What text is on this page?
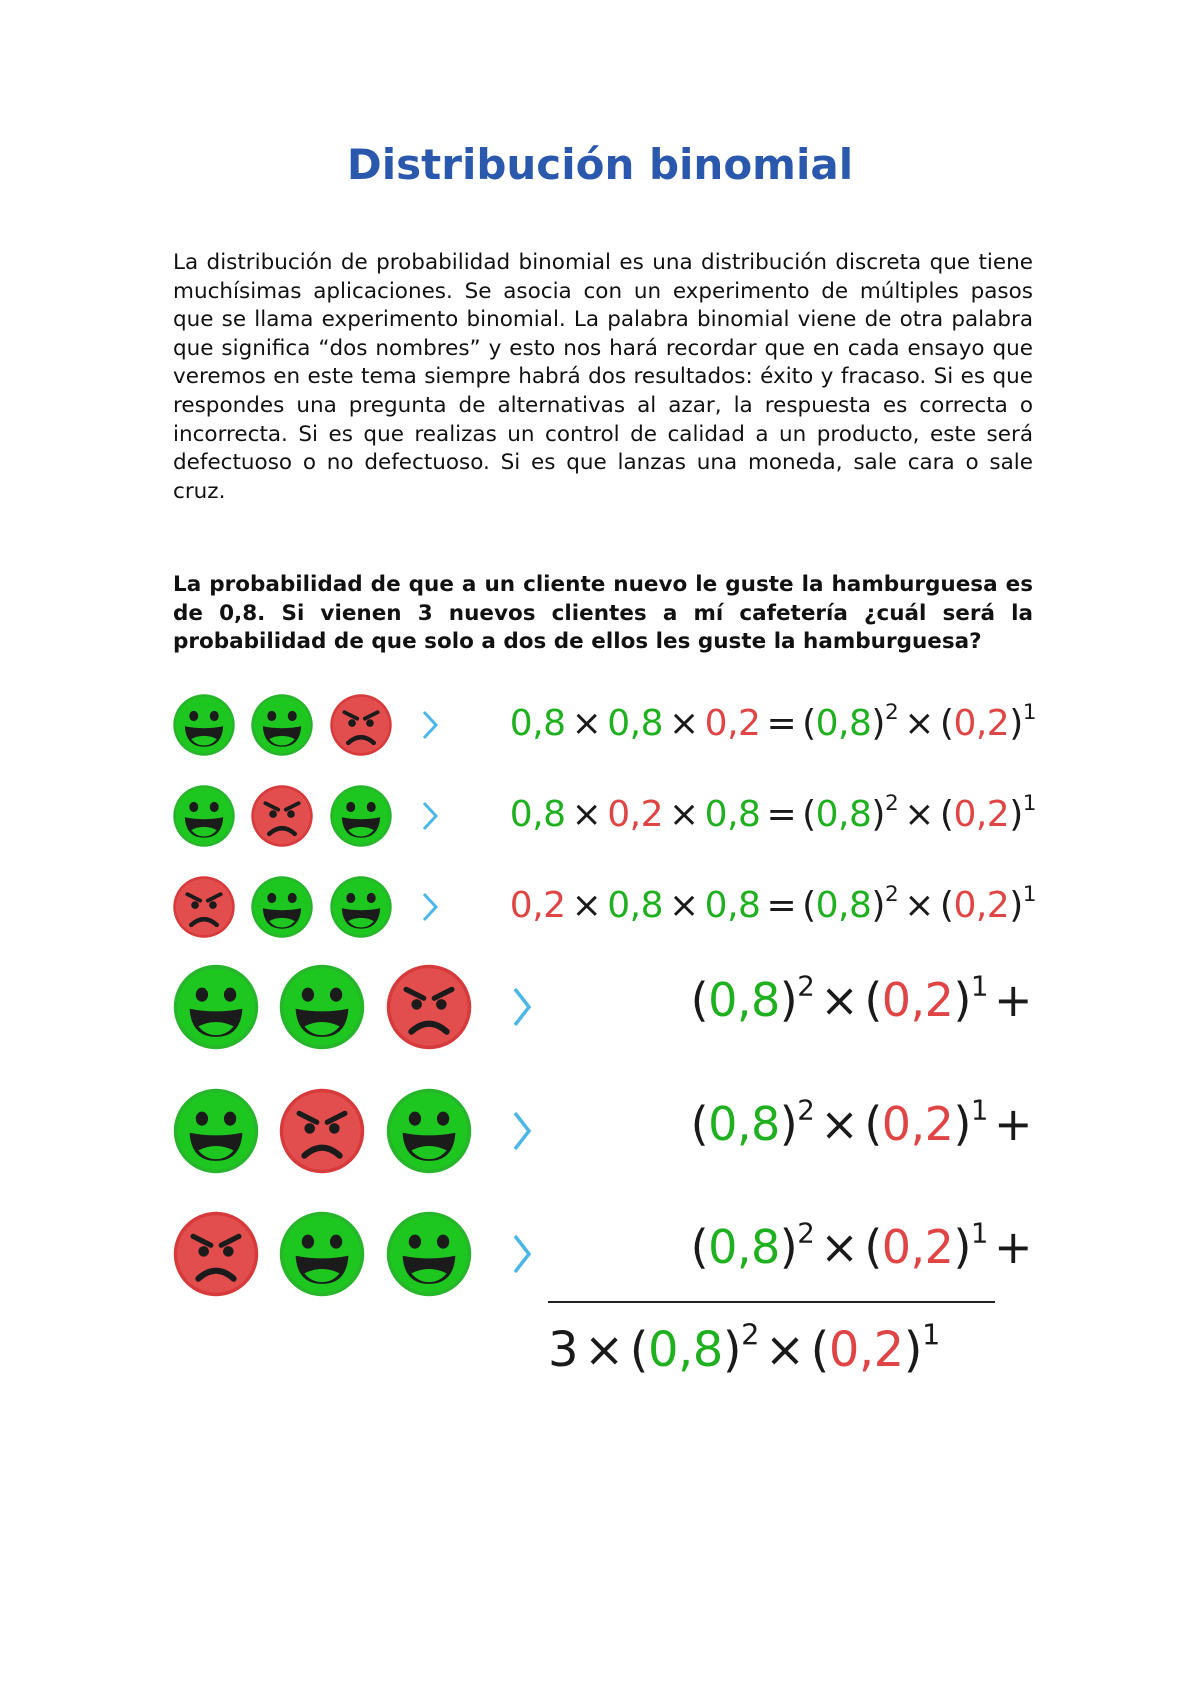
Distribución binomial

La distribución de probabilidad binomial es una distribución discreta que tiene muchísimas aplicaciones. Se asocia con un experimento de múltiples pasos que se llama experimento binomial. La palabra binomial viene de otra palabra que significa “dos nombres” y esto nos hará recordar que en cada ensayo que veremos en este tema siempre habrá dos resultados: éxito y fracaso. Si es que respondes una pregunta de alternativas al azar, la respuesta es correcta o incorrecta. Si es que realizas un control de calidad a un producto, este será defectuoso o no defectuoso. Si es que lanzas una moneda, sale cara o sale cruz.

La probabilidad de que a un cliente nuevo le guste la hamburguesa es de 0,8. Si vienen 3 nuevos clientes a mí cafetería ¿cuál será la probabilidad de que solo a dos de ellos les guste la hamburguesa?

$0,8 \times 0,8 \times 0,2 = (0,8)^2 \times (0,2)^1$
$0,8 \times 0,2 \times 0,8 = (0,8)^2 \times (0,2)^1$
$0,2 \times 0,8 \times 0,8 = (0,8)^2 \times (0,2)^1$
$(0,8)^2 \times (0,2)^1$ +
$(0,8)^2 \times (0,2)^1$ +
$(0,8)^2 \times (0,2)^1$ +
$3 \times (0,8)^2 \times (0,2)^1$
